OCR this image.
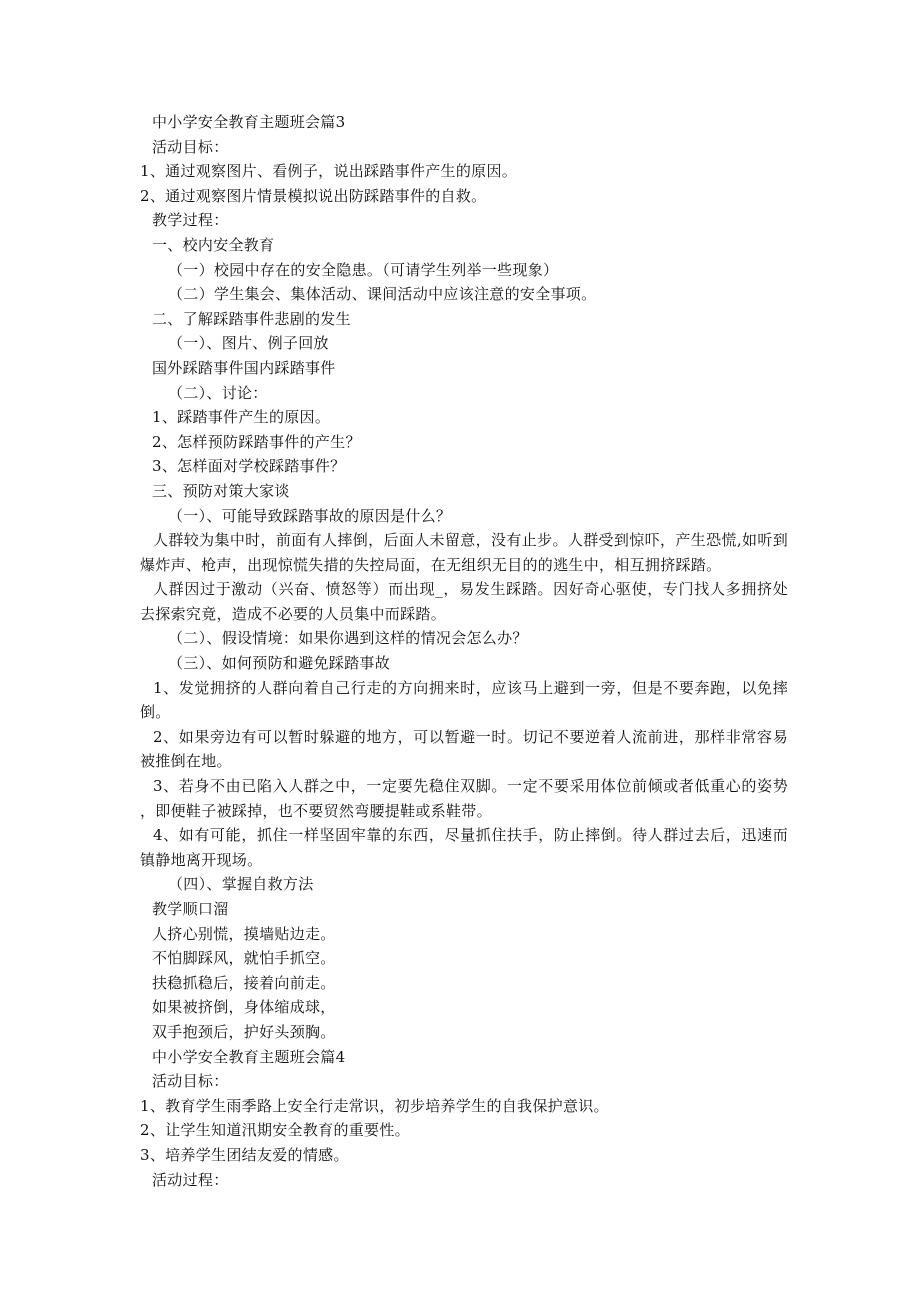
中小学安全教育主题班会篇3
活动目标：
1、通过观察图片、看例子，说出踩踏事件产生的原因。
2、通过观察图片情景模拟说出防踩踏事件的自救。
教学过程：
一、校内安全教育
（一）校园中存在的安全隐患。（可请学生列举一些现象）
（二）学生集会、集体活动、课间活动中应该注意的安全事项。
二、了解踩踏事件悲剧的发生
（一）、图片、例子回放
国外踩踏事件国内踩踏事件
（二）、讨论：
1、踩踏事件产生的原因。
2、怎样预防踩踏事件的产生？
3、怎样面对学校踩踏事件？
三、预防对策大家谈
（一）、可能导致踩踏事故的原因是什么？
人群较为集中时，前面有人摔倒，后面人未留意，没有止步。人群受到惊吓，产生恐慌,如听到爆炸声、枪声，出现惊慌失措的失控局面，在无组织无目的的逃生中，相互拥挤踩踏。
人群因过于激动（兴奋、愤怒等）而出现_，易发生踩踏。因好奇心驱使，专门找人多拥挤处去探索究竟，造成不必要的人员集中而踩踏。
（二）、假设情境：如果你遇到这样的情况会怎么办？
（三）、如何预防和避免踩踏事故
1、发觉拥挤的人群向着自己行走的方向拥来时，应该马上避到一旁，但是不要奔跑，以免摔倒。
2、如果旁边有可以暂时躲避的地方，可以暂避一时。切记不要逆着人流前进，那样非常容易被推倒在地。
3、若身不由已陷入人群之中，一定要先稳住双脚。一定不要采用体位前倾或者低重心的姿势，即便鞋子被踩掉，也不要贸然弯腰提鞋或系鞋带。
4、如有可能，抓住一样坚固牢靠的东西，尽量抓住扶手，防止摔倒。待人群过去后，迅速而镇静地离开现场。
（四）、掌握自救方法
教学顺口溜
人挤心别慌，摸墙贴边走。
不怕脚踩风，就怕手抓空。
扶稳抓稳后，接着向前走。
如果被挤倒，身体缩成球，
双手抱颈后，护好头颈胸。
中小学安全教育主题班会篇4
活动目标：
1、教育学生雨季路上安全行走常识，初步培养学生的自我保护意识。
2、让学生知道汛期安全教育的重要性。
3、培养学生团结友爱的情感。
活动过程：
